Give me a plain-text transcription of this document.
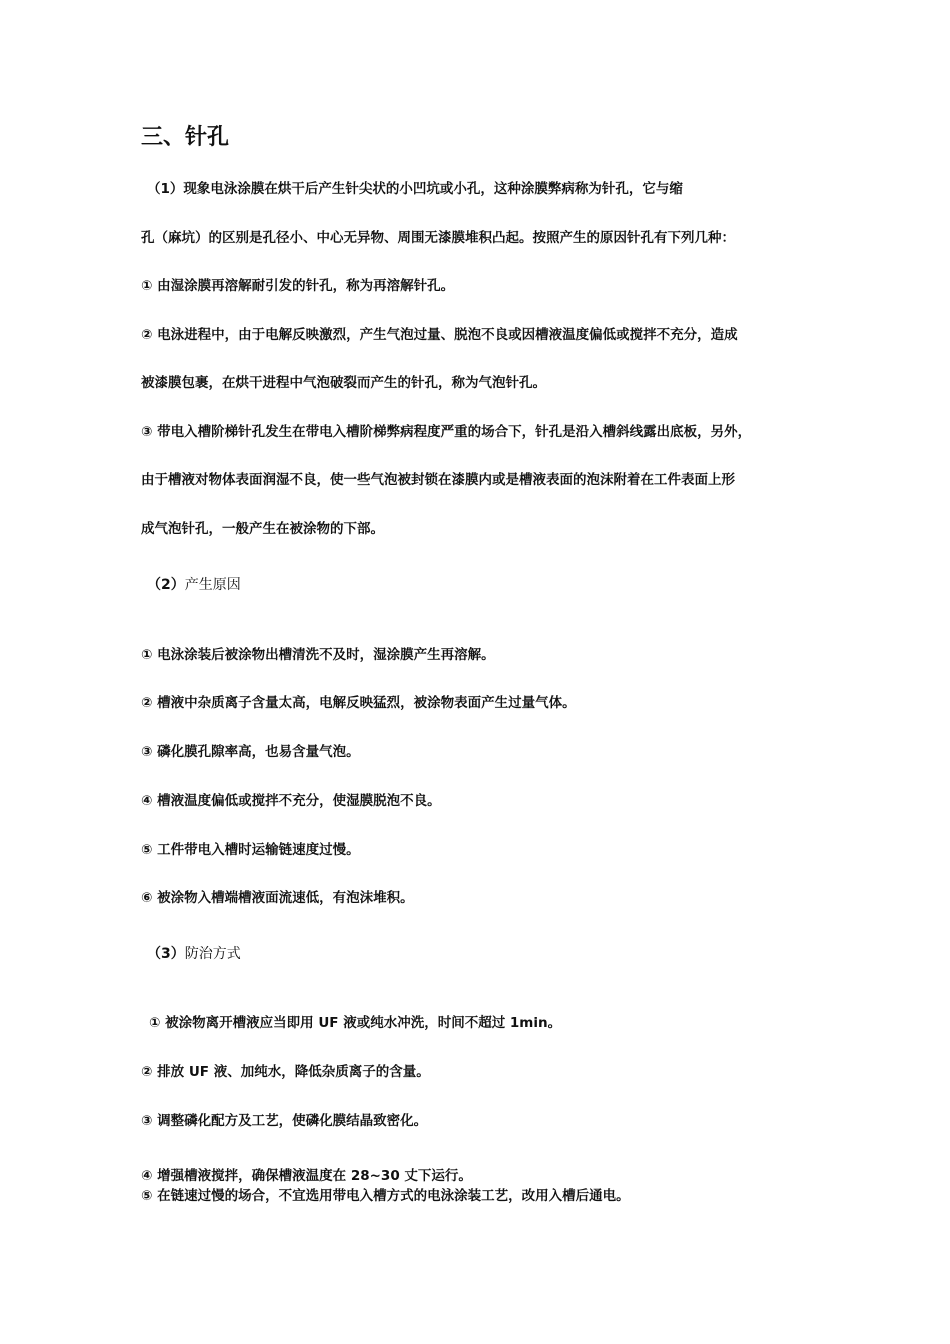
三、针孔
（1）现象电泳涂膜在烘干后产生针尖状的小凹坑或小孔，这种涂膜弊病称为针孔，它与缩
孔（麻坑）的区别是孔径小、中心无异物、周围无漆膜堆积凸起。按照产生的原因针孔有下列几种：
① 由湿涂膜再溶解耐引发的针孔，称为再溶解针孔。
② 电泳进程中，由于电解反映激烈，产生气泡过量、脱泡不良或因槽液温度偏低或搅拌不充分，造成
被漆膜包裹，在烘干进程中气泡破裂而产生的针孔，称为气泡针孔。
③ 带电入槽阶梯针孔发生在带电入槽阶梯弊病程度严重的场合下，针孔是沿入槽斜线露出底板，另外，
由于槽液对物体表面润湿不良，使一些气泡被封锁在漆膜内或是槽液表面的泡沫附着在工件表面上形
成气泡针孔，一般产生在被涂物的下部。
（2）产生原因
① 电泳涂装后被涂物出槽清洗不及时，湿涂膜产生再溶解。
② 槽液中杂质离子含量太高，电解反映猛烈，被涂物表面产生过量气体。
③ 磷化膜孔隙率高，也易含量气泡。
④ 槽液温度偏低或搅拌不充分，使湿膜脱泡不良。
⑤ 工件带电入槽时运输链速度过慢。
⑥ 被涂物入槽端槽液面流速低，有泡沫堆积。
（3）防治方式
① 被涂物离开槽液应当即用 UF 液或纯水冲洗，时间不超过 1min。
② 排放 UF 液、加纯水，降低杂质离子的含量。
③ 调整磷化配方及工艺，使磷化膜结晶致密化。
④ 增强槽液搅拌，确保槽液温度在 28~30 丈下运行。
⑤ 在链速过慢的场合，不宜选用带电入槽方式的电泳涂装工艺，改用入槽后通电。
